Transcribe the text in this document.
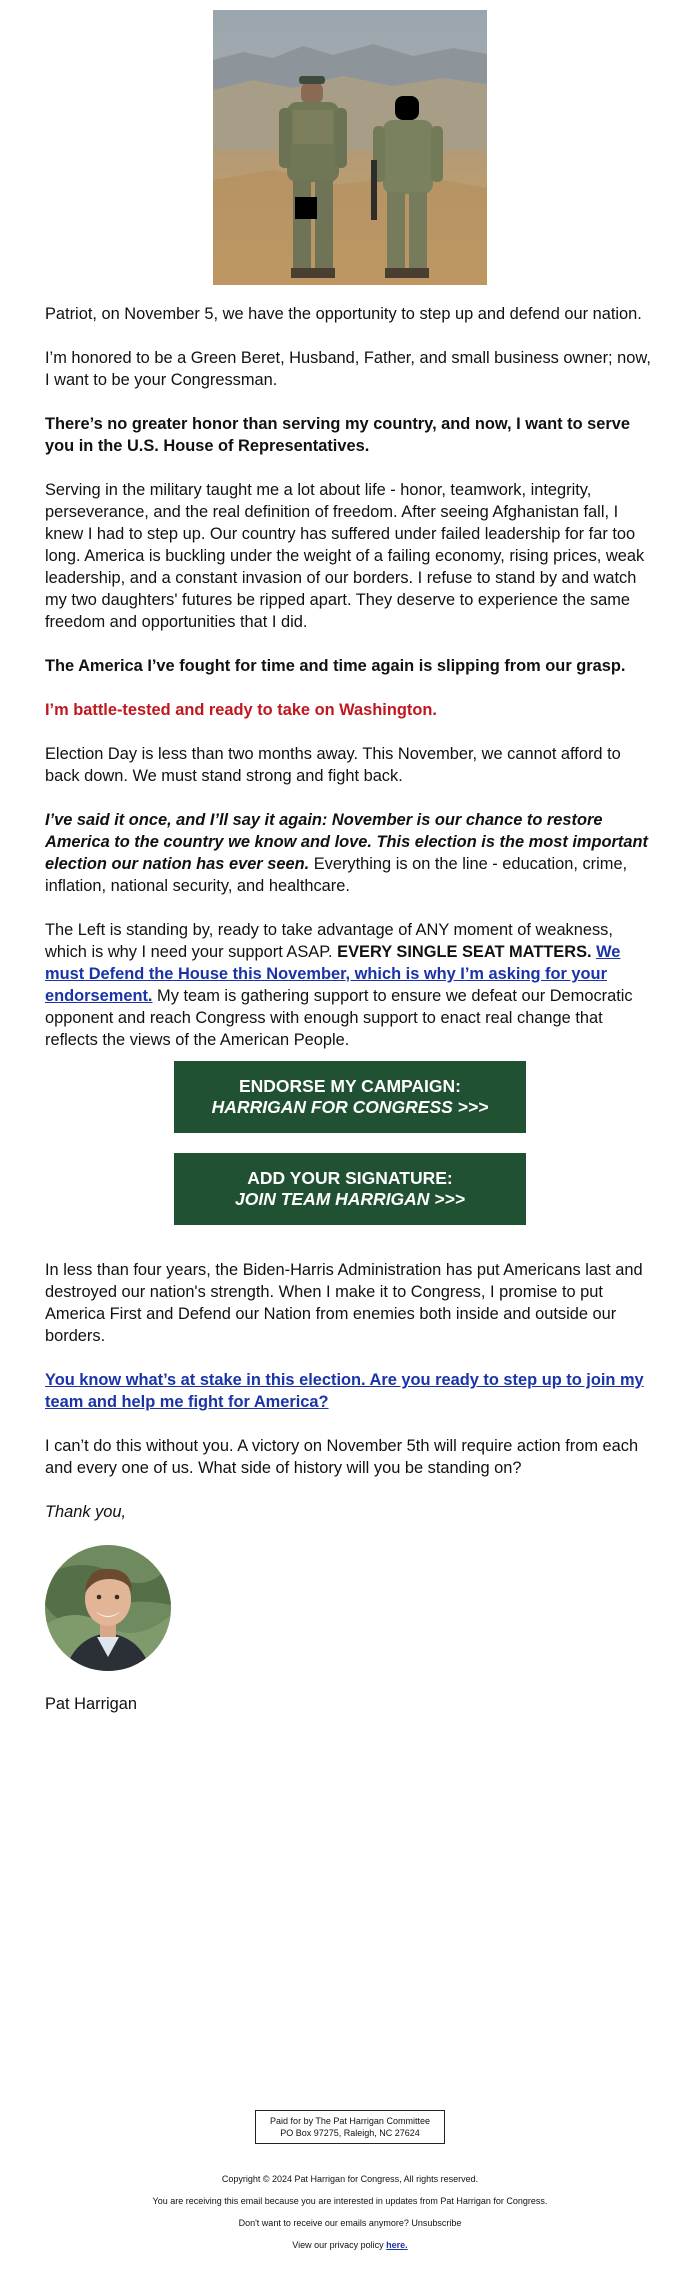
Patriot, on November 5, we have the opportunity to step up and defend our nation.

I’m honored to be a Green Beret, Husband, Father, and small business owner; now, I want to be your Congressman.

There’s no greater honor than serving my country, and now, I want to serve you in the U.S. House of Representatives.

Serving in the military taught me a lot about life - honor, teamwork, integrity, perseverance, and the real definition of freedom. After seeing Afghanistan fall, I knew I had to step up. Our country has suffered under failed leadership for far too long. America is buckling under the weight of a failing economy, rising prices, weak leadership, and a constant invasion of our borders. I refuse to stand by and watch my two daughters' futures be ripped apart. They deserve to experience the same freedom and opportunities that I did.

The America I’ve fought for time and time again is slipping from our grasp.

I’m battle-tested and ready to take on Washington.

Election Day is less than two months away. This November, we cannot afford to back down. We must stand strong and fight back.

I’ve said it once, and I’ll say it again: November is our chance to restore America to the country we know and love. This election is the most important election our nation has ever seen. Everything is on the line - education, crime, inflation, national security, and healthcare.

The Left is standing by, ready to take advantage of ANY moment of weakness, which is why I need your support ASAP. EVERY SINGLE SEAT MATTERS. We must Defend the House this November, which is why I’m asking for your endorsement. My team is gathering support to ensure we defeat our Democratic opponent and reach Congress with enough support to enact real change that reflects the views of the American People.

ENDORSE MY CAMPAIGN:
HARRIGAN FOR CONGRESS >>>
ADD YOUR SIGNATURE:
JOIN TEAM HARRIGAN >>>

In less than four years, the Biden-Harris Administration has put Americans last and destroyed our nation's strength. When I make it to Congress, I promise to put America First and Defend our Nation from enemies both inside and outside our borders.

You know what’s at stake in this election. Are you ready to step up to join my team and help me fight for America?

I can’t do this without you. A victory on November 5th will require action from each and every one of us. What side of history will you be standing on?

Thank you,

Pat Harrigan

Paid for by The Pat Harrigan Committee
PO Box 97275, Raleigh, NC 27624
Copyright © 2024 Pat Harrigan for Congress, All rights reserved.
You are receiving this email because you are interested in updates from Pat Harrigan for Congress.
Don't want to receive our emails anymore? Unsubscribe
View our privacy policy here.
